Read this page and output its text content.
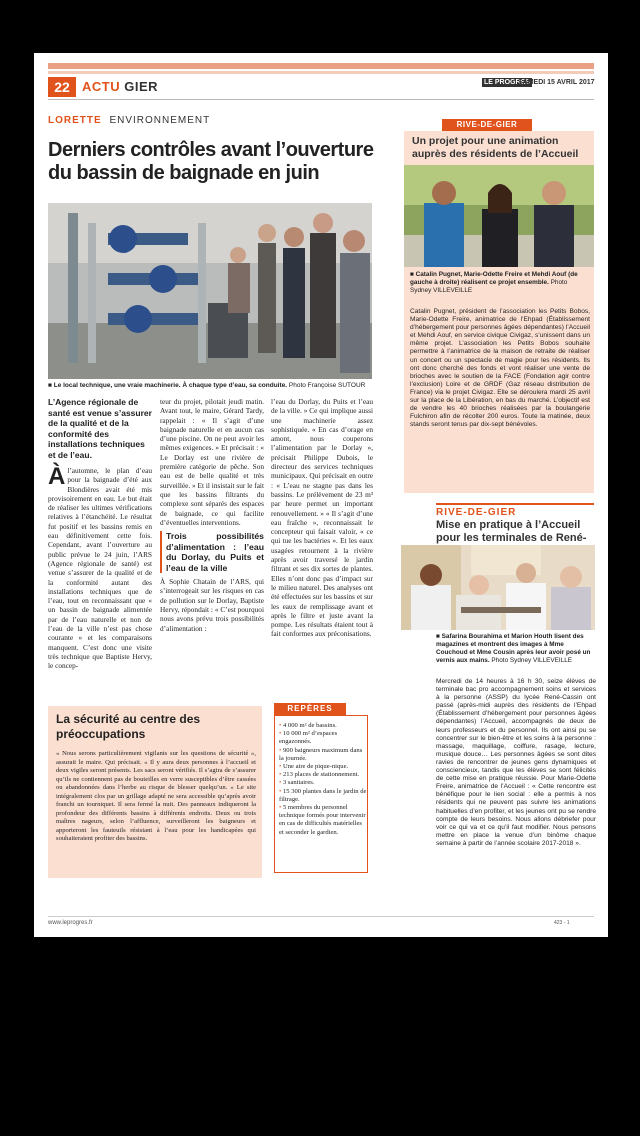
22 ACTU GIER	LE PROGRES
SAMEDI 15 AVRIL 2017
LORETTE ENVIRONNEMENT
Derniers contrôles avant l’ouverture du bassin de baignade en juin
■ Le local technique, une vraie machinerie. À chaque type d’eau, sa conduite. Photo Françoise SUTOUR

L’Agence régionale de santé est venue s’assurer de la qualité et de la conformité des installations techniques et de l’eau.

Àl’automne, le plan d’eau pour la baignade d’été aux Blondières avait été mis provisoirement en eau. Le but était de réaliser les ultimes vérifications relatives à l’étanchéité. Le résultat fut positif et les bassins remis en eau définitivement cette fois. Cependant, avant l’ouverture au public prévue le 24 juin, l’ARS (Agence régionale de santé) est venue s’assurer de la qualité et de la conformité autant des installations techniques que de l’eau, tout en reconnaissant que « un bassin de baignade alimentée par de l’eau naturelle et non de l’eau de la ville n’est pas chose courante » et les comparaisons manquent. C’est donc une visite très technique que Baptiste Hervy, le concep-

teur du projet, pilotait jeudi matin. Avant tout, le maire, Gérard Tardy, rappelait : « Il s’agit d’une baignade naturelle et en aucun cas d’une piscine. On ne peut avoir les mêmes exigences. » Et précisait : « Le Dorlay est une rivière de première catégorie de pêche. Son eau est de belle qualité et très surveillée. » Et il insistait sur le fait que les bassins filtrants du complexe sont séparés des espaces de baignade, ce qui facilite d’éventuelles interventions.

Trois possibilités d’alimentation : l’eau du Dorlay, du Puits et l’eau de la ville

À Sophie Chatain de l’ARS, qui s’interrogeait sur les risques en cas de pollution sur le Dorlay, Baptiste Hervy, répondait : « C’est pourquoi nous avons prévu trois possibilités d’alimentation :

l’eau du Dorlay, du Puits et l’eau de la ville. » Ce qui implique aussi une machinerie assez sophistiquée. « En cas d’orage en amont, nous couperons l’alimentation par le Dorlay », précisait Philippe Dubois, le directeur des services techniques municipaux. Qui précisait en outre : « L’eau ne stagne pas dans les bassins. Le prélèvement de 23 m³ par heure permet un important renouvellement. » « Il s’agit d’une eau fraîche », reconnaissait le concepteur qui faisait valoir, « ce qui tue les bactéries ». Et les eaux usagées retournent à la rivière après avoir traversé le jardin filtrant et ses dix sortes de plantes. Elles n’ont donc pas d’impact sur le milieu naturel. Des analyses ont été effectuées sur les bassins et sur les eaux de remplissage avant et après le filtre et juste avant la pompe. Les résultats étaient tout à fait conformes aux préconisations.

La sécurité au centre des préoccupations
« Nous serons particulièrement vigilants sur les questions de sécurité », assurait le maire. Qui précisait. « Il y aura deux personnes à l’accueil et deux vigiles seront présents. Les sacs seront vérifiés. Il s’agira de s’assurer qu’ils ne contiennent pas de bouteilles en verre susceptibles d’être cassées ou abandonnées dans l’herbe au risque de blesser quelqu’un. » Le site intégralement clos par un grillage adapté ne sera accessible qu’après avoir franchi un tourniquet. Il sera fermé la nuit. Des panneaux indiqueront la profondeur des différents bassins à différents endroits. Deux ou trois maîtres nageurs, selon l’affluence, surveilleront les baigneurs et apporteront les fauteuils résistant à l’eau pour les handicapées qui souhaiteraient profiter des bassins.
REPÈRES
• 4 000 m² de bassins.
• 10 000 m² d’espaces engazonnés.
• 900 baigneurs maximum dans la journée.
• Une aire de pique-nique.
• 213 places de stationnement.
• 3 sanitaires.
• 15 300 plantes dans le jardin de filtrage.
• 5 membres du personnel technique formés pour intervenir en cas de difficultés matérielles et seconder le gardien.
Un projet pour une animation auprès des résidents de l’Accueil
■ Catalin Pugnet, Marie-Odette Freire et Mehdi Aouf (de gauche à droite) réalisent ce projet ensemble. Photo Sydney VILLEVEILLE
Catalin Pugnet, président de l’association les Petits Bobos, Marie-Odette Freire, animatrice de l’Ehpad (Établissement d’hébergement pour personnes âgées dépendantes) l’Accueil et Mehdi Aouf, en service civique Civigaz, s’unissent dans un même projet. L’association les Petits Bobos souhaite permettre à l’animatrice de la maison de retraite de réaliser un concert ou un spectacle de magie pour les résidents. Ils ont donc cherché des fonds et vont réaliser une vente de brioches avec le soutien de la FACE (Fondation agir contre l’exclusion) Loire et de GRDF (Gaz réseau distribution de France) via le projet Civigaz. Elle se déroulera mardi 25 avril sur la place de la Libération, en bas du marché. L’objectif est de vendre les 40 brioches réalisées par la boulangerie Fulchiron afin de récolter 200 euros. Toute la matinée, deux stands seront tenus par dix-sept bénévoles.
RIVE-DE-GIER
RIVE-DE-GIER
Mise en pratique à l’Accueil pour les terminales de René-
■ Safarina Bourahima et Marion Houth lisent des magazines et montrent des images à Mme Couchoud et Mme Cousin après leur avoir posé un vernis aux mains. Photo Sydney VILLEVEILLE
Mercredi de 14 heures à 16 h 30, seize élèves de terminale bac pro accompagnement soins et services à la personne (ASSP) du lycée René-Cassin ont passé (après-midi auprès des résidents de l’Ehpad (Établissement d’hébergement pour personnes âgées dépendantes) l’Accueil, accompagnés de deux de leurs professeurs et du personnel. Ils ont ainsi pu se concentrer sur le bien-être et les soins à la personne : massage, maquillage, coiffure, rasage, lecture, musique douce… Les personnes âgées se sont dites ravies de rencontrer de jeunes gens dynamiques et consciencieux, tandis que les élèves se sont félicités de cette mise en pratique réussie. Pour Marie-Odette Freire, animatrice de l’Accueil : « Cette rencontre est bénéfique pour le lien social : elle a permis à nos résidents qui ne peuvent pas suivre les animations habituelles d’en profiter, et les jeunes ont pu se rendre compte de leurs besoins. Nous allons débriefer pour voir ce qui va et ce qu’il faut modifier. Nous pensons mettre en place la venue d’un binôme chaque semaine à partir de l’année scolaire 2017-2018 ».
www.leprogres.fr	423 - 1
